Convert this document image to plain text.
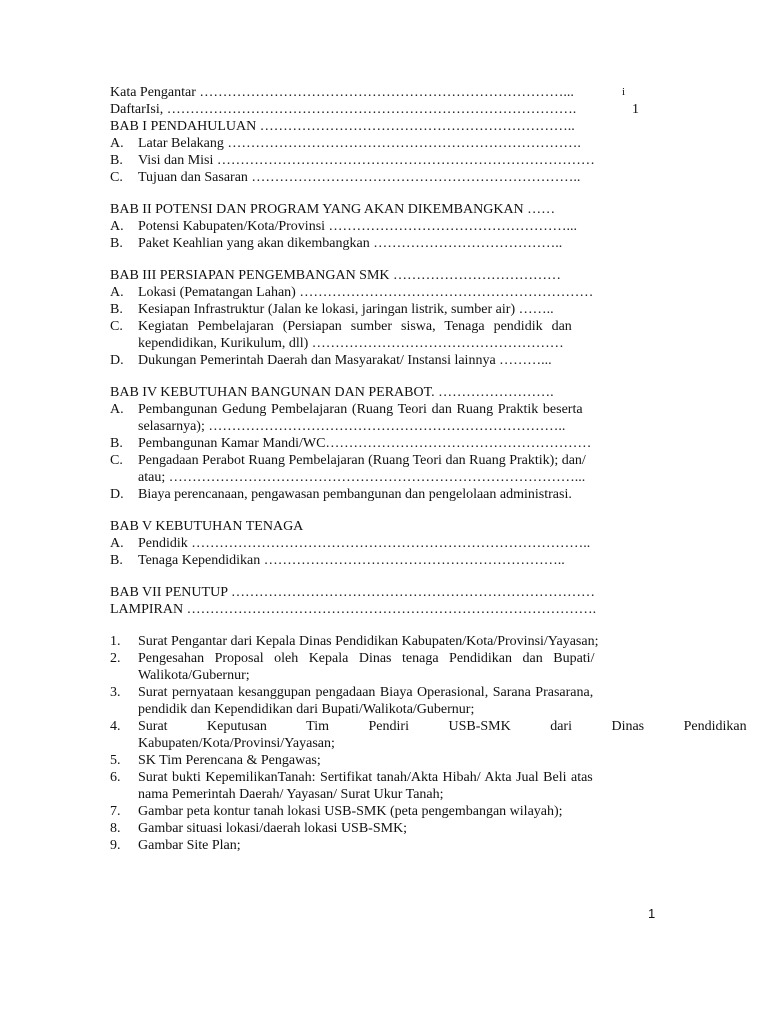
Kata Pengantar ……………………………………………………………………...	i
DaftarIsi, …………………………………………………………………………….	1
BAB I PENDAHULUAN …………………………………………………………..
A. Latar Belakang ………………………………………………………………….
B. Visi dan Misi ………………………………………………………………………
C. Tujuan dan Sasaran ……………………………………………………………..
BAB II POTENSI DAN PROGRAM YANG AKAN DIKEMBANGKAN ……
A. Potensi Kabupaten/Kota/Provinsi ……………………………………………...
B. Paket Keahlian yang akan dikembangkan …………………………………..
BAB III PERSIAPAN PENGEMBANGAN SMK ………………………………
A. Lokasi (Pematangan Lahan) ………………………………………………………
B. Kesiapan Infrastruktur (Jalan ke lokasi, jaringan listrik, sumber air) ……..
C. Kegiatan Pembelajaran (Persiapan sumber siswa, Tenaga pendidik dan
kependidikan, Kurikulum, dll) ………………………………………………
D. Dukungan Pemerintah Daerah dan Masyarakat/ Instansi lainnya ………...
BAB IV KEBUTUHAN BANGUNAN DAN PERABOT. …………………….
A. Pembangunan Gedung Pembelajaran (Ruang Teori dan Ruang Praktik beserta
selasarnya); …………………………………………………………………..
B. Pembangunan Kamar Mandi/WC…………………………………………………
C. Pengadaan Perabot Ruang Pembelajaran (Ruang Teori dan Ruang Praktik); dan/
atau; ……………………………………………………………………………...
D. Biaya perencanaan, pengawasan pembangunan dan pengelolaan administrasi.
BAB V KEBUTUHAN TENAGA
A. Pendidik …………………………………………………………………………..
B. Tenaga Kependidikan ………………………………………………………..
BAB VII PENUTUP ……………………………………………………………………
LAMPIRAN …………………………………………………………………………….
1. Surat Pengantar dari Kepala Dinas Pendidikan Kabupaten/Kota/Provinsi/Yayasan;
2. Pengesahan Proposal oleh Kepala Dinas tenaga Pendidikan dan Bupati/
Walikota/Gubernur;
3. Surat pernyataan kesanggupan pengadaan Biaya Operasional, Sarana Prasarana,
pendidik dan Kependidikan dari Bupati/Walikota/Gubernur;
4. Surat Keputusan Tim Pendiri USB-SMK dari Dinas Pendidikan
Kabupaten/Kota/Provinsi/Yayasan;
5. SK Tim Perencana & Pengawas;
6. Surat bukti KepemilikanTanah: Sertifikat tanah/Akta Hibah/ Akta Jual Beli atas
nama Pemerintah Daerah/ Yayasan/ Surat Ukur Tanah;
7. Gambar peta kontur tanah lokasi USB-SMK (peta pengembangan wilayah);
8. Gambar situasi lokasi/daerah lokasi USB-SMK;
9. Gambar Site Plan;
1
